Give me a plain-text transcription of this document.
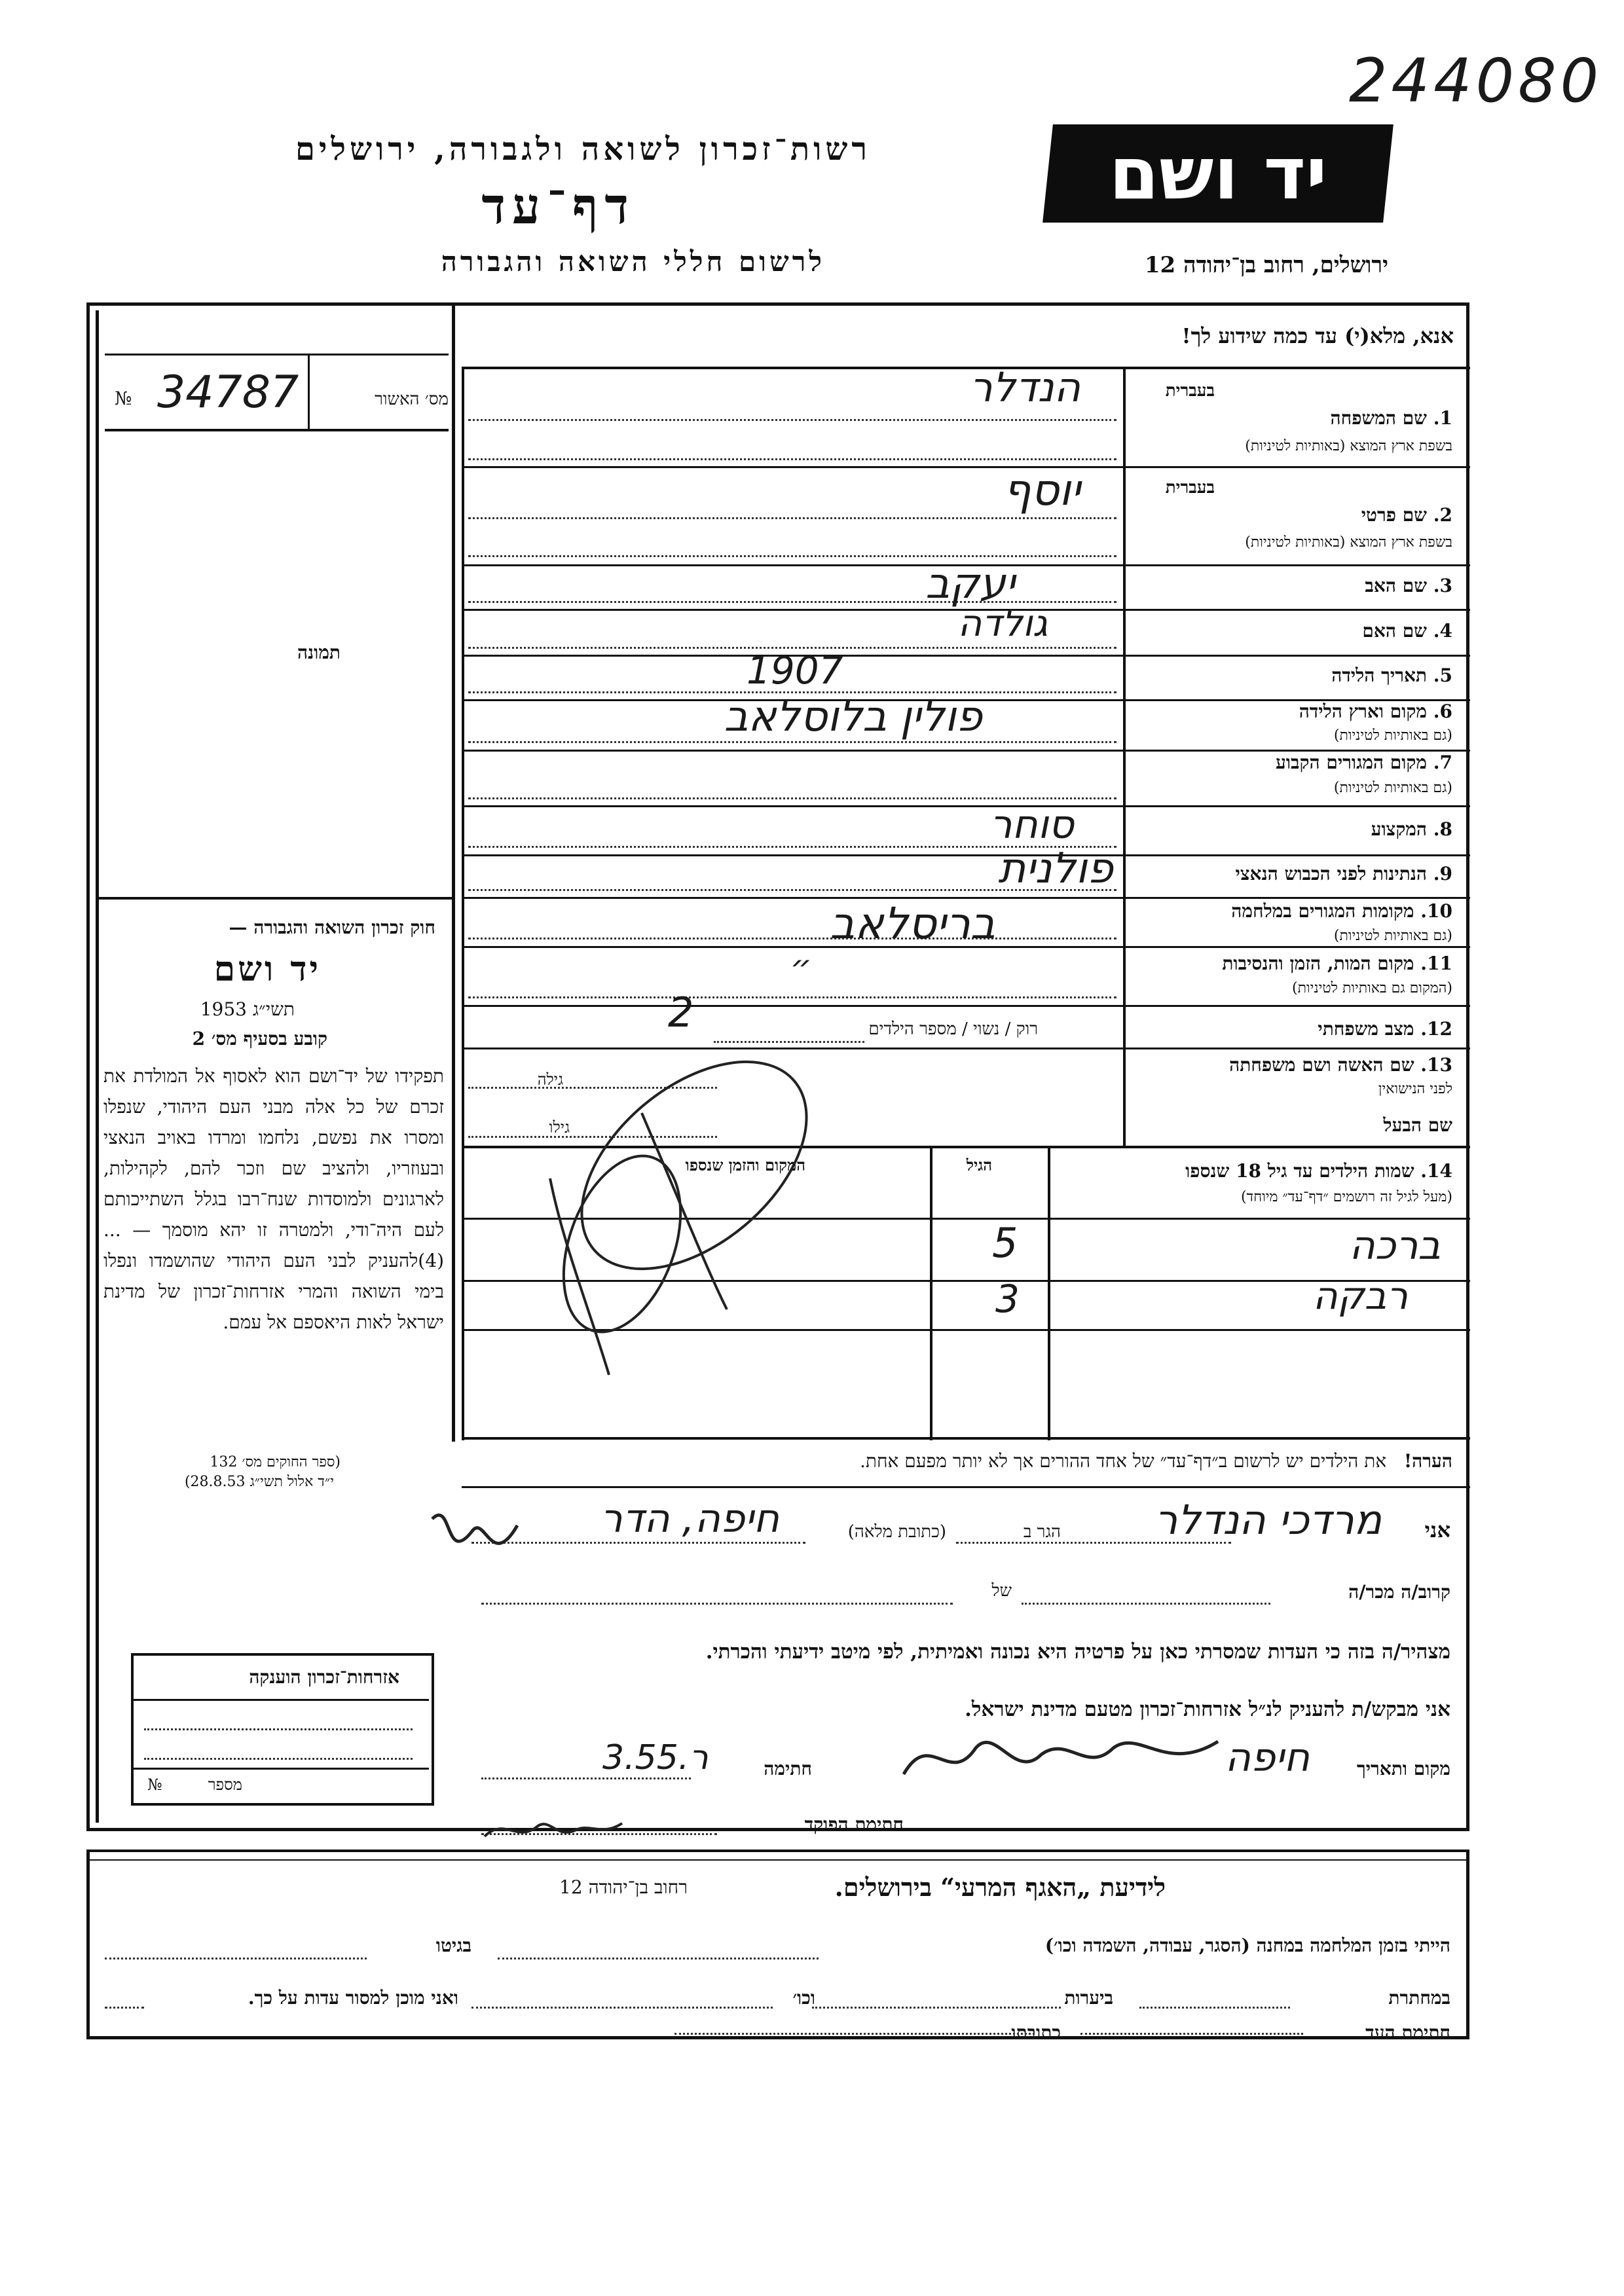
244080
רשות־זכרון לשואה ולגבורה, ירושלים
דף־עד
לרשום חללי השואה והגבורה
יד ושם
ירושלים, רחוב בן־יהודה 12
אנא, מלא(י) עד כמה שידוע לך!
מס׳ האשור
№ 34787
תמונה
בעברית
1. שם המשפחה
בשפת ארץ המוצא (באותיות לטיניות)
הנדלר
בעברית
2. שם פרטי
בשפת ארץ המוצא (באותיות לטיניות)
יוסף
3. שם האב
יעקב
4. שם האם
גולדה
5. תאריך הלידה
1907
6. מקום וארץ הלידה
(גם באותיות לטיניות)
פולין בלוסלאב
7. מקום המגורים הקבוע
(גם באותיות לטיניות)
8. המקצוע
סוחר
9. הנתינות לפני הכבוש הנאצי
פולנית
10. מקומות המגורים במלחמה
(גם באותיות לטיניות)
בריסלאב
11. מקום המות, הזמן והנסיבות
(המקום גם באותיות לטיניות)
״
12. מצב משפחתי
רוק / נשוי / מספר הילדים
2
13. שם האשה ושם משפחתה
לפני הנישואין
גילה
שם הבעל
גילו
14. שמות הילדים עד גיל 18 שנספו
(מעל לגיל זה רושמים ״דף־עד״ מיוחד)
הגיל
המקום והזמן שנספו
ברכה
5
רבקה
3
חוק זכרון השואה והגבורה —
יד ושם
תשי״ג 1953
קובע בסעיף מס׳ 2
תפקידו של יד־ושם הוא לאסוף אל המולדת את זכרם של כל אלה מבני העם היהודי, שנפלו ומסרו את נפשם, נלחמו ומרדו באויב הנאצי ובעוזריו, ולהציב שם וזכר להם, לקהילות, לארגונים ולמוסדות שנח־רבו בגלל השתייכותם לעם היה־ודי, ולמטרה זו יהא מוסמך — ...(4)להעניק לבני העם היהודי שהושמדו ונפלו בימי השואה והמרי אזרחות־זכרון של מדינת ישראל לאות היאספם אל עמם.
(ספר החוקים מס׳ 132
י״ד אלול תשי״ג 28.8.53)
הערה!   את הילדים יש לרשום ב״דף־עד״ של אחד ההורים אך לא יותר מפעם אחת.
אני
מרדכי הנדלר
הגר ב
(כתובת מלאה)
חיפה, הדר
קרוב/ה מכר/ה
של
מצהיר/ה בזה כי העדות שמסרתי כאן על פרטיה היא נכונה ואמיתית, לפי מיטב ידיעתי והכרתי.
אני מבקש/ת להעניק לנ״ל אזרחות־זכרון מטעם מדינת ישראל.
מקום ותאריך
חיפה
חתימה
ר.3.55
חתימת הפוקד
אזרחות־זכרון הוענקה
מספר
№
לידיעת „האגף המרעי“ בירושלים.
רחוב בן־יהודה 12
הייתי בזמן המלחמה במחנה (הסגר, עבודה, השמדה וכו׳)
בגיטו
במחתרת
ביערות
וכו׳
ואני מוכן למסור עדות על כך.
חתימת העד
כתובתו
